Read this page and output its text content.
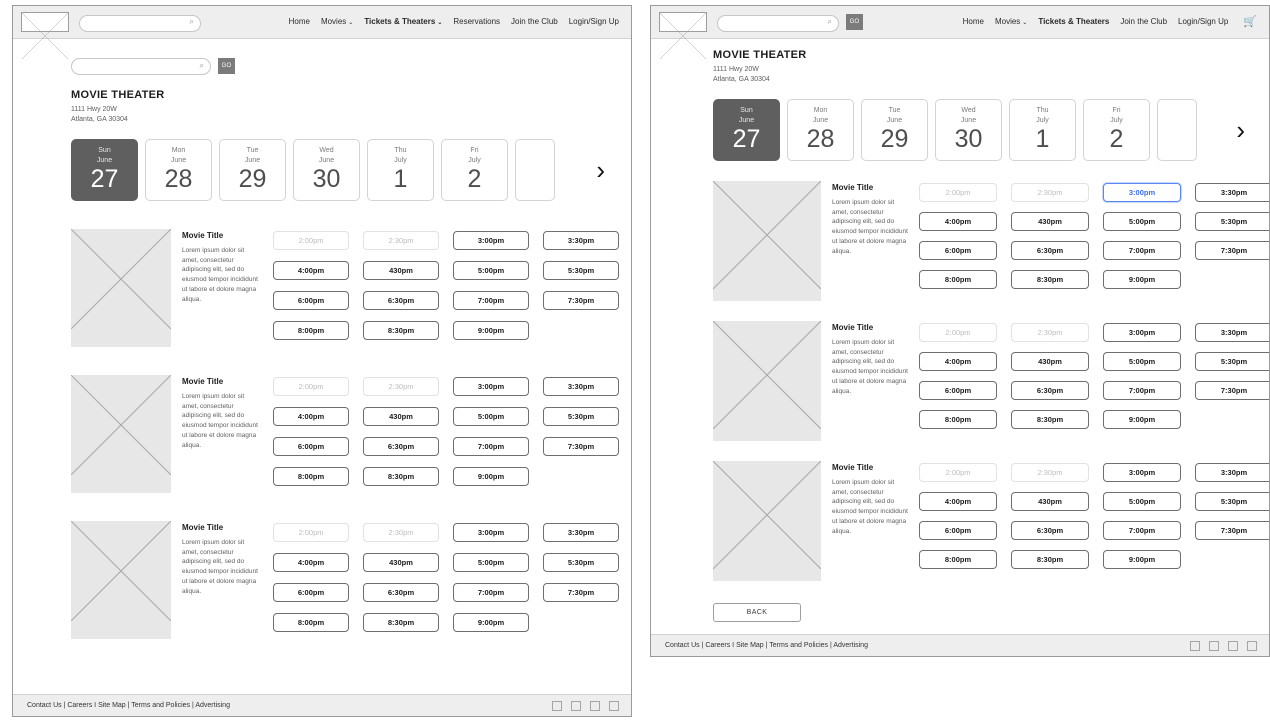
⌕	Home Movies ⌄ Tickets & Theaters ⌄ Reservations Join the Club Login/Sign Up
⌕	GO
MOVIE THEATER
1111 Hwy 20W
Atlanta, GA 30304
Sun
June
27
Mon
June
28
Tue
June
29
Wed
June
30
Thu
July
1
Fri
July
2	›
Movie Title
Lorem ipsum dolor sit amet, consectetur adipiscing elit, sed do eiusmod tempor incididunt ut labore et dolore magna aliqua.
2:00pm	2:30pm	3:00pm	3:30pm
4:00pm	430pm	5:00pm	5:30pm
6:00pm	6:30pm	7:00pm	7:30pm
8:00pm	8:30pm	9:00pm
Movie Title
Lorem ipsum dolor sit amet, consectetur adipiscing elit, sed do eiusmod tempor incididunt ut labore et dolore magna aliqua.
2:00pm	2:30pm	3:00pm	3:30pm
4:00pm	430pm	5:00pm	5:30pm
6:00pm	6:30pm	7:00pm	7:30pm
8:00pm	8:30pm	9:00pm
Movie Title
Lorem ipsum dolor sit amet, consectetur adipiscing elit, sed do eiusmod tempor incididunt ut labore et dolore magna aliqua.
2:00pm	2:30pm	3:00pm	3:30pm
4:00pm	430pm	5:00pm	5:30pm
6:00pm	6:30pm	7:00pm	7:30pm
8:00pm	8:30pm	9:00pm
Contact Us | Careers I Site Map | Terms and Policies | Advertising
⌕	GO	Home Movies ⌄ Tickets & Theaters Join the Club Login/Sign Up 🛒
MOVIE THEATER
1111 Hwy 20W
Atlanta, GA 30304
Sun
June
27
Mon
June
28
Tue
June
29
Wed
June
30
Thu
July
1
Fri
July
2	›
Movie Title
Lorem ipsum dolor sit amet, consectetur adipiscing elit, sed do eiusmod tempor incididunt ut labore et dolore magna aliqua.
2:00pm	2:30pm	3:00pm	3:30pm
4:00pm	430pm	5:00pm	5:30pm
6:00pm	6:30pm	7:00pm	7:30pm
8:00pm	8:30pm	9:00pm
Movie Title
Lorem ipsum dolor sit amet, consectetur adipiscing elit, sed do eiusmod tempor incididunt ut labore et dolore magna aliqua.
2:00pm	2:30pm	3:00pm	3:30pm
4:00pm	430pm	5:00pm	5:30pm
6:00pm	6:30pm	7:00pm	7:30pm
8:00pm	8:30pm	9:00pm
Movie Title
Lorem ipsum dolor sit amet, consectetur adipiscing elit, sed do eiusmod tempor incididunt ut labore et dolore magna aliqua.
2:00pm	2:30pm	3:00pm	3:30pm
4:00pm	430pm	5:00pm	5:30pm
6:00pm	6:30pm	7:00pm	7:30pm
8:00pm	8:30pm	9:00pm
BACK
Contact Us | Careers I Site Map | Terms and Policies | Advertising
